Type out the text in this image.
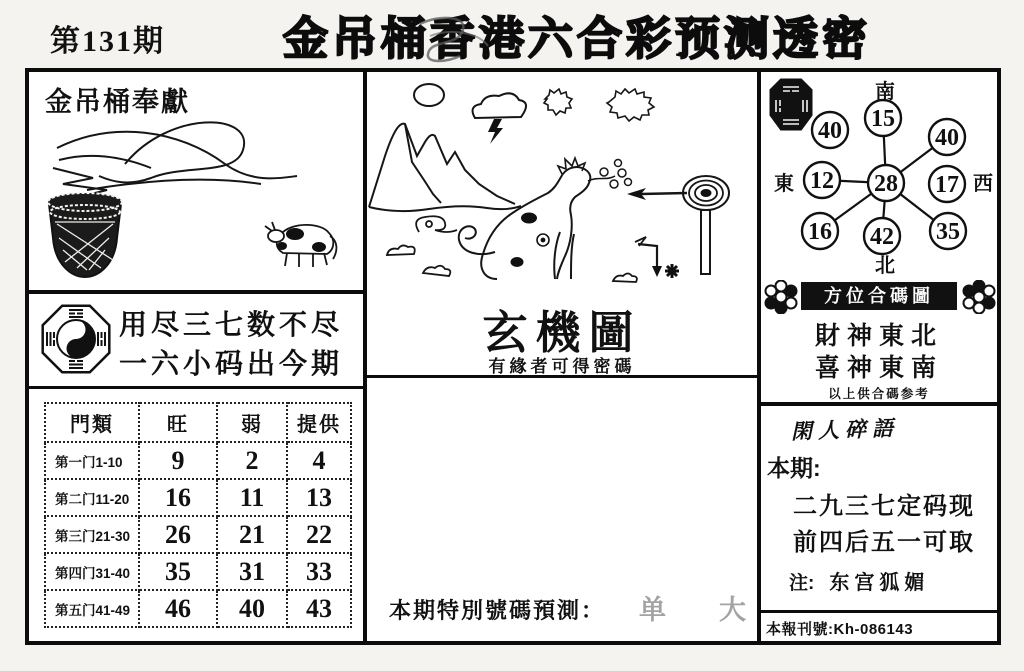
第131期	金吊桶香港六合彩预测透密
金吊桶奉獻
用尽三七数不尽
一六小码出今期
門類	旺	弱	提供
第一门1-10	9	2	4
第二门11-20	16	11	13
第三门21-30	26	21	22
第四门31-40	35	31	33
第五门41-49	46	40	43
玄機圖
有緣者可得密碼
本期特別號碼預測： 单 大
南
15
40	40
東 12 28 17 西
16 42 35
北
方位合碼圖
財神東北
喜神東南
以上供合碼参考
閑人碎語
本期:
二九三七定码现
前四后五一可取
注: 东宫狐媚
本報刊號:Kh-086143
